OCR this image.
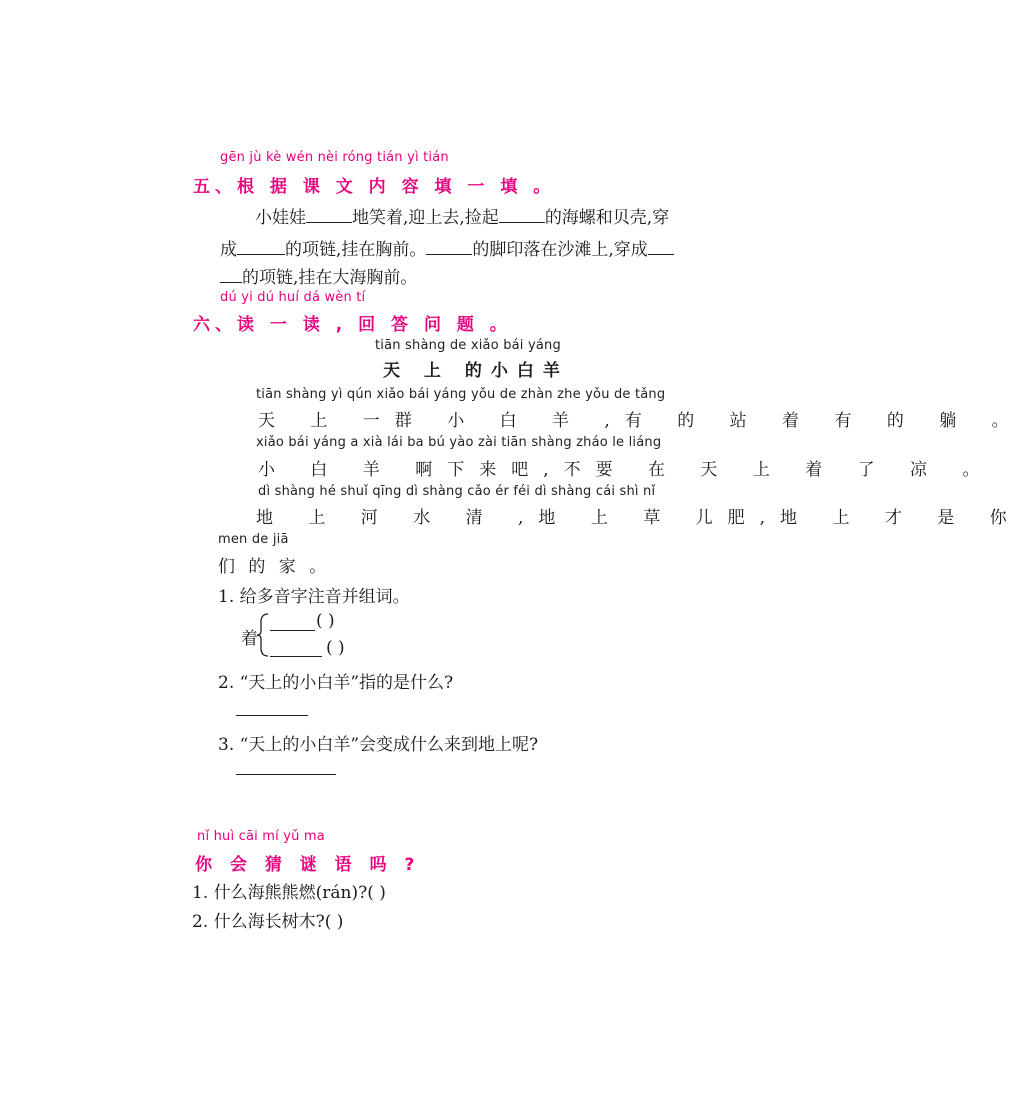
gēn jù kè wén nèi róng tián yì tián
五、根 据 课 文 内 容 填 一 填 。
小娃娃	地笑着,迎上去,捡起	的海螺和贝壳,穿
成	的项链,挂在胸前。	的脚印落在沙滩上,穿成
的项链,挂在大海胸前。
dú yi dú huí dá wèn tí
六、读 一 读 , 回 答 问 题 。
tiān shàng de xiǎo bái yáng
天 上 的小白羊
tiān shàng yì qún xiǎo bái yáng yǒu de zhàn zhe yǒu de tǎng
天 上 一群 小 白 羊 ,有 的 站 着 有 的 躺 。
xiǎo bái yáng a xià lái ba bú yào zài tiān shàng zháo le liáng
小 白 羊 啊下来吧,不要 在 天 上 着 了 凉 。
dì shàng hé shuǐ qīng dì shàng cǎo ér féi dì shàng cái shì nǐ
地 上 河 水 清 ,地 上 草 儿肥,地 上 才 是 你
men de jiā
们 的 家 。
1. 给多音字注音并组词。
着
( )
( )
2. “天上的小白羊”指的是什么?
3. “天上的小白羊”会变成什么来到地上呢?
nǐ huì cāi mí yǔ ma
你 会 猜 谜 语 吗 ?
1. 什么海熊熊燃(rán)?( )
2. 什么海长树木?( )
